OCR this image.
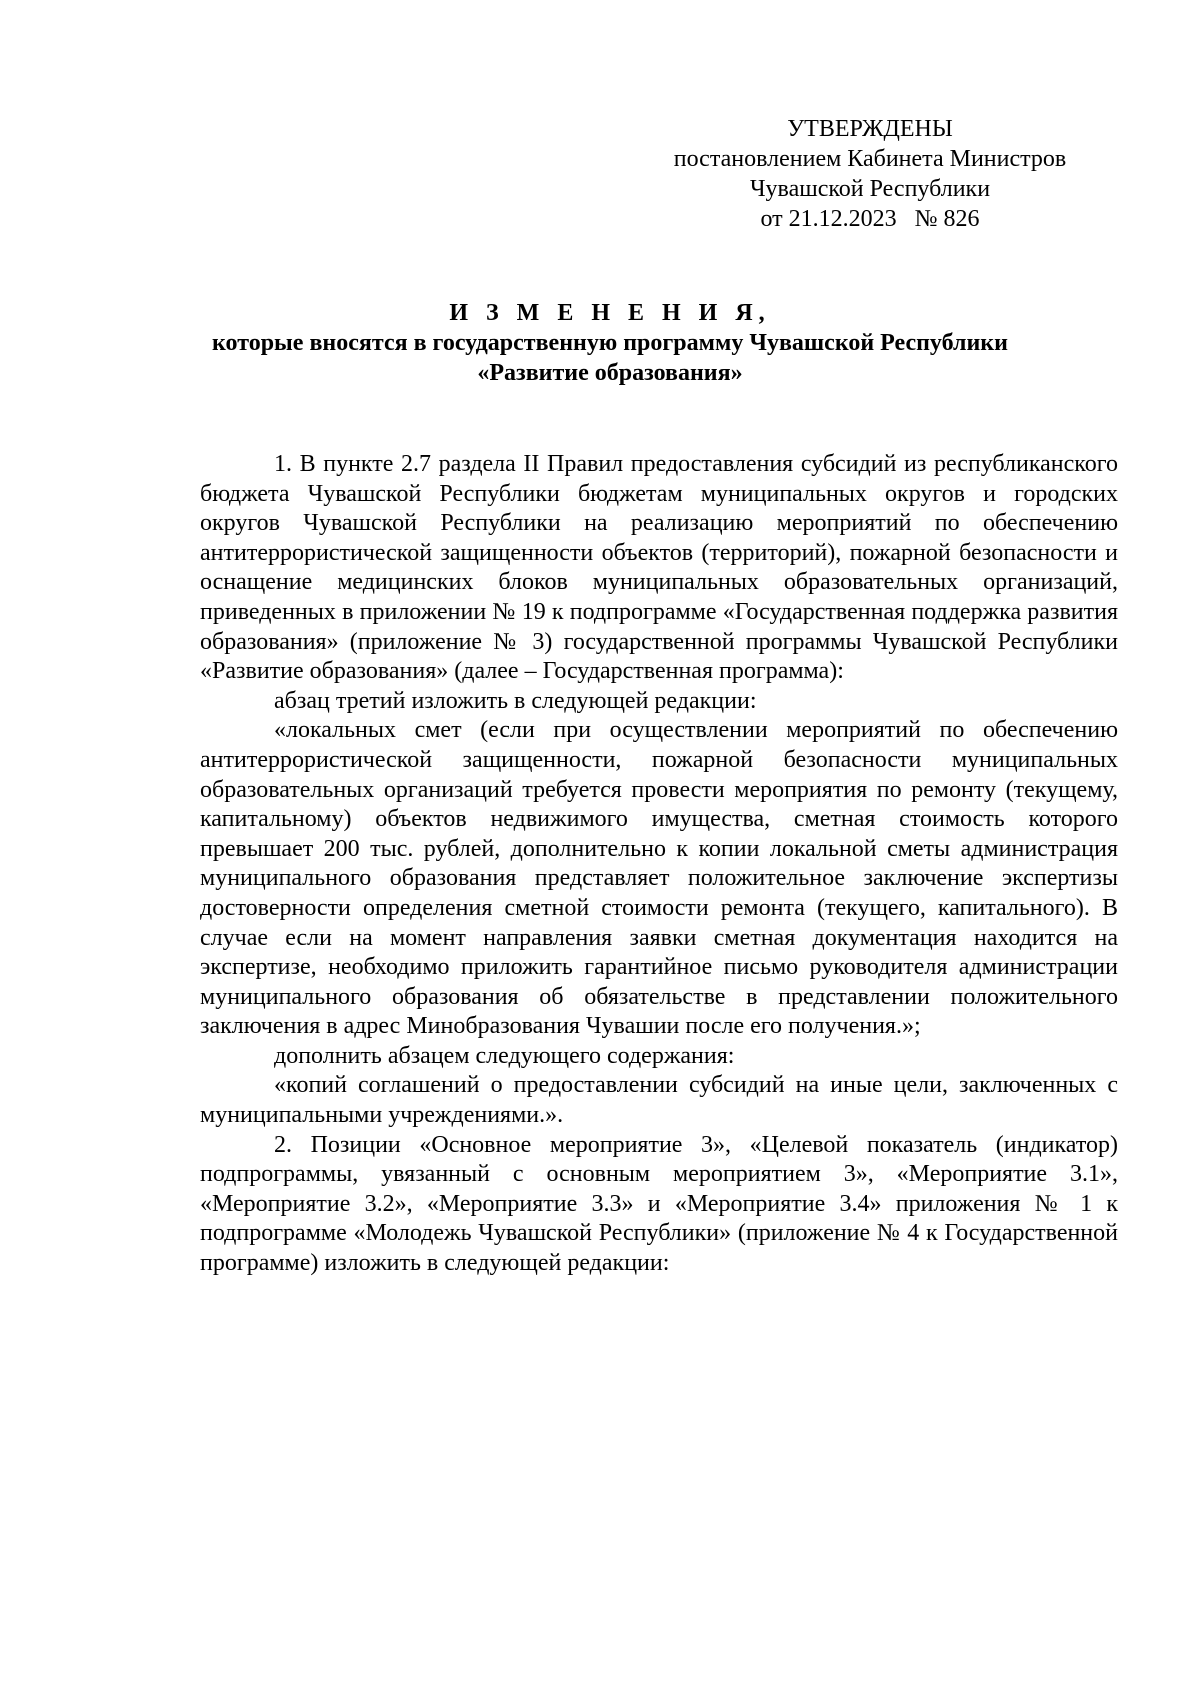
УТВЕРЖДЕНЫ
постановлением Кабинета Министров
Чувашской Республики
от 21.12.2023   № 826
И З М Е Н Е Н И Я,
которые вносятся в государственную программу Чувашской Республики
«Развитие образования»

1. В пункте 2.7 раздела II Правил предоставления субсидий из республиканского бюджета Чувашской Республики бюджетам муниципальных округов и городских округов Чувашской Республики на реализацию мероприятий по обеспечению антитеррористической защищенности объектов (территорий), пожарной безопасности и оснащение медицинских блоков муниципальных образовательных организаций, приведенных в приложении № 19 к подпрограмме «Государственная поддержка развития образования» (приложение № 3) государственной программы Чувашской Республики «Развитие образования» (далее – Государственная программа):

абзац третий изложить в следующей редакции:

«локальных смет (если при осуществлении мероприятий по обеспечению антитеррористической защищенности, пожарной безопасности муниципальных образовательных организаций требуется провести мероприятия по ремонту (текущему, капитальному) объектов недвижимого имущества, сметная стоимость которого превышает 200 тыс. рублей, дополнительно к копии локальной сметы администрация муниципального образования представляет положительное заключение экспертизы достоверности определения сметной стоимости ремонта (текущего, капитального). В случае если на момент направления заявки сметная документация находится на экспертизе, необходимо приложить гарантийное письмо руководителя администрации муниципального образования об обязательстве в представлении положительного заключения в адрес Минобразования Чувашии после его получения.»;

дополнить абзацем следующего содержания:

«копий соглашений о предоставлении субсидий на иные цели, заключенных с муниципальными учреждениями.».

2. Позиции «Основное мероприятие 3», «Целевой показатель (индикатор) подпрограммы, увязанный с основным мероприятием 3», «Мероприятие 3.1», «Мероприятие 3.2», «Мероприятие 3.3» и «Мероприятие 3.4» приложения № 1 к подпрограмме «Молодежь Чувашской Республики» (приложение № 4 к Государственной программе) изложить в следующей редакции:
